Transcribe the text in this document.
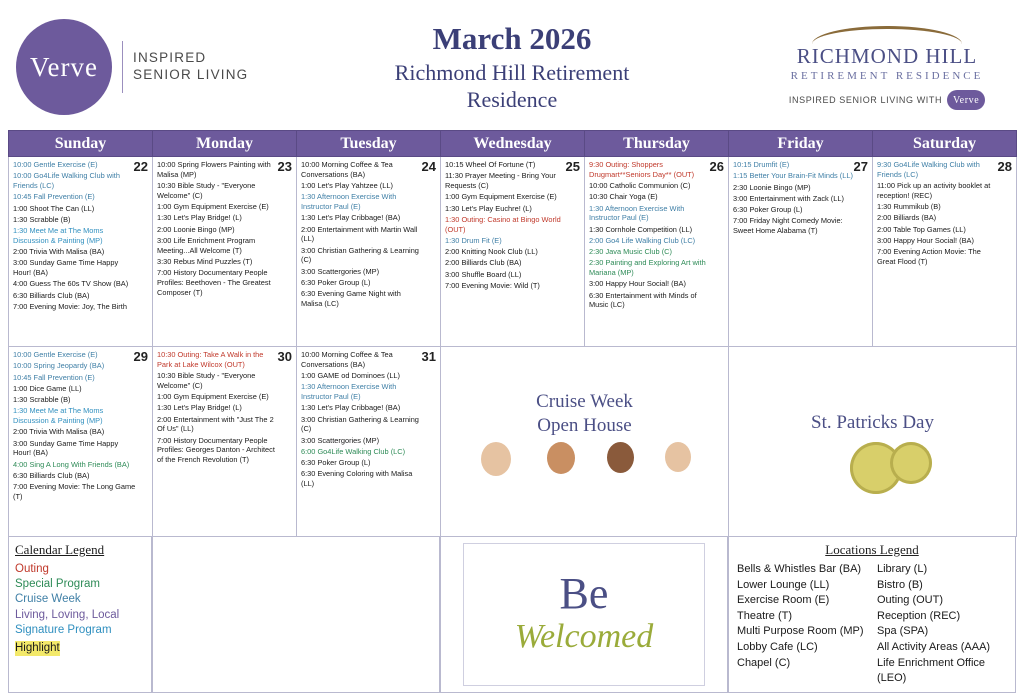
Verve	INSPIRED
SENIOR LIVING
March 2026
Richmond Hill Retirement
Residence
RICHMOND HILL
RETIREMENT RESIDENCE
INSPIRED SENIOR LIVING WITH	Verve
Sunday	Monday	Tuesday	Wednesday	Thursday	Friday	Saturday

22
10:00 Gentle Exercise (E)
10:00 Go4Life Walking Club with Friends (LC)
10:45 Fall Prevention (E)
1:00 Shoot The Can (LL)
1:30 Scrabble (B)
1:30 Meet Me at The Moms Discussion & Painting (MP)
2:00 Trivia With Malisa (BA)
3:00 Sunday Game Time Happy Hour! (BA)
4:00 Guess The 60s TV Show (BA)
6:30 Billiards Club (BA)
7:00 Evening Movie: Joy, The Birth

23
10:00 Spring Flowers Painting with Malisa (MP)
10:30 Bible Study - "Everyone Welcome" (C)
1:00 Gym Equipment Exercise (E)
1:30 Let's Play Bridge! (L)
2:00 Loonie Bingo (MP)
3:00 Life Enrichment Program Meeting...All Welcome (T)
3:30 Rebus Mind Puzzles (T)
7:00 History Documentary People Profiles: Beethoven - The Greatest Composer (T)

24
10:00 Morning Coffee & Tea Conversations (BA)
1:00 Let's Play Yahtzee (LL)
1:30 Afternoon Exercise With Instructor Paul (E)
1:30 Let's Play Cribbage! (BA)
2:00 Entertainment with Martin Wall (LL)
3:00 Christian Gathering & Learning (C)
3:00 Scattergories (MP)
6:30 Poker Group (L)
6:30 Evening Game Night with Malisa (LC)

25
10:15 Wheel Of Fortune (T)
11:30 Prayer Meeting - Bring Your Requests (C)
1:00 Gym Equipment Exercise (E)
1:30 Let's Play Euchre! (L)
1:30 Outing: Casino at Bingo World (OUT)
1:30 Drum Fit (E)
2:00 Knitting Nook Club (LL)
2:00 Billiards Club (BA)
3:00 Shuffle Board (LL)
7:00 Evening Movie: Wild (T)

26
9:30 Outing: Shoppers Drugmart**Seniors Day** (OUT)
10:00 Catholic Communion (C)
10:30 Chair Yoga (E)
1:30 Afternoon Exercise With Instructor Paul (E)
1:30 Cornhole Competition (LL)
2:00 Go4 Life Walking Club (LC)
2:30 Java Music Club (C)
2:30 Painting and Exploring Art with Mariana (MP)
3:00 Happy Hour Social! (BA)
6:30 Entertainment with Minds of Music (LC)

27
10:15 Drumfit (E)
1:15 Better Your Brain-Fit Minds (LL)
2:30 Loonie Bingo (MP)
3:00 Entertainment with Zack (LL)
6:30 Poker Group (L)
7:00 Friday Night Comedy Movie: Sweet Home Alabama (T)

28
9:30 Go4Life Walking Club with Friends (LC)
11:00 Pick up an activity booklet at reception! (REC)
1:30 Rummikub (B)
2:00 Billiards (BA)
2:00 Table Top Games (LL)
3:00 Happy Hour Social! (BA)
7:00 Evening Action Movie: The Great Flood (T)

29
10:00 Gentle Exercise (E)
10:00 Spring Jeopardy (BA)
10:45 Fall Prevention (E)
1:00 Dice Game (LL)
1:30 Scrabble (B)
1:30 Meet Me at The Moms Discussion & Painting (MP)
2:00 Trivia With Malisa (BA)
3:00 Sunday Game Time Happy Hour! (BA)
4:00 Sing A Long With Friends (BA)
6:30 Billiards Club (BA)
7:00 Evening Movie: The Long Game (T)

30
10:30 Outing: Take A Walk in the Park at Lake Wilcox (OUT)
10:30 Bible Study - "Everyone Welcome" (C)
1:00 Gym Equipment Exercise (E)
1:30 Let's Play Bridge! (L)
2:00 Entertainment with "Just The 2 Of Us" (LL)
7:00 History Documentary People Profiles: Georges Danton - Architect of the French Revolution (T)

31
10:00 Morning Coffee & Tea Conversations (BA)
1:00 GAME od Dominoes (LL)
1:30 Afternoon Exercise With Instructor Paul (E)
1:30 Let's Play Cribbage! (BA)
3:00 Christian Gathering & Learning (C)
3:00 Scattergories (MP)
6:00 Go4Life Walking Club (LC)
6:30 Poker Group (L)
6:30 Evening Coloring with Malisa (LL)

Cruise Week
Open House	St. Patricks Day
Calendar Legend
Outing
Special Program
Cruise Week
Living, Loving, Local
Signature Program
Highlight
Be
Welcomed
Locations Legend
Bells & Whistles Bar (BA)
Lower Lounge (LL)
Exercise Room (E)
Theatre (T)
Multi Purpose Room (MP)
Lobby Cafe (LC)
Chapel (C)
Library (L)
Bistro (B)
Outing (OUT)
Reception (REC)
Spa (SPA)
All Activity Areas (AAA)
Life Enrichment Office (LEO)
